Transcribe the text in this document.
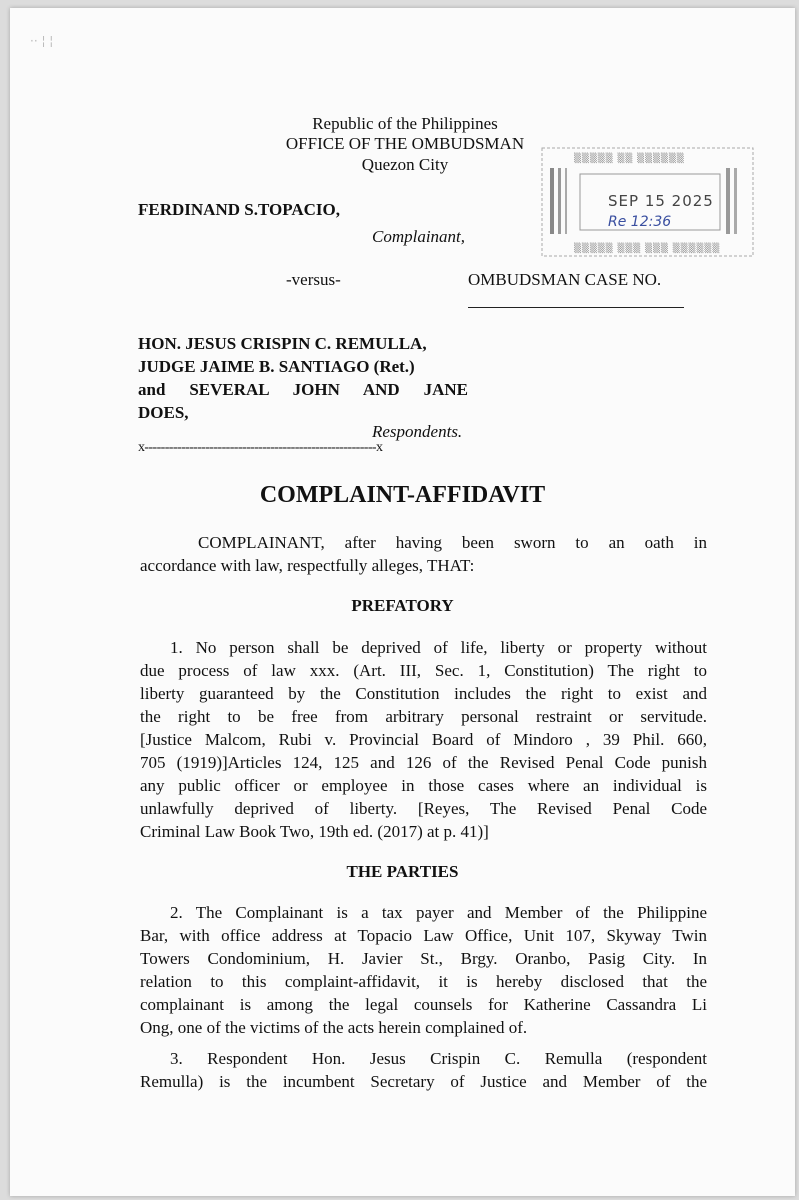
·· ¦ ¦
Republic of the Philippines
OFFICE OF THE OMBUDSMAN
Quezon City	▒▒▒▒▒ ▒▒ ▒▒▒▒▒▒
SEP 15 2025
Re 12:36
▒▒▒▒▒ ▒▒▒ ▒▒▒ ▒▒▒▒▒▒
FERDINAND S.TOPACIO,
Complainant,
-versus-	OMBUDSMAN CASE NO.
HON. JESUS CRISPIN C. REMULLA,
JUDGE JAIME B. SANTIAGO (Ret.)
and SEVERAL JOHN AND JANE
DOES,
Respondents.
x---------------------------------------------------------x
COMPLAINT-AFFIDAVIT
COMPLAINANT, after having been sworn to an oath in
accordance with law, respectfully alleges, THAT:
PREFATORY
1. No person shall be deprived of life, liberty or property without
due process of law xxx. (Art. III, Sec. 1, Constitution) The right to
liberty guaranteed by the Constitution includes the right to exist and
the right to be free from arbitrary personal restraint or servitude.
[Justice Malcom, Rubi v. Provincial Board of Mindoro , 39 Phil. 660,
705 (1919)]Articles 124, 125 and 126 of the Revised Penal Code punish
any public officer or employee in those cases where an individual is
unlawfully deprived of liberty. [Reyes, The Revised Penal Code
Criminal Law Book Two, 19th ed. (2017) at p. 41)]
THE PARTIES
2. The Complainant is a tax payer and Member of the Philippine
Bar, with office address at Topacio Law Office, Unit 107, Skyway Twin
Towers Condominium, H. Javier St., Brgy. Oranbo, Pasig City. In
relation to this complaint-affidavit, it is hereby disclosed that the
complainant is among the legal counsels for Katherine Cassandra Li
Ong, one of the victims of the acts herein complained of.
3. Respondent Hon. Jesus Crispin C. Remulla (respondent
Remulla) is the incumbent Secretary of Justice and Member of the
